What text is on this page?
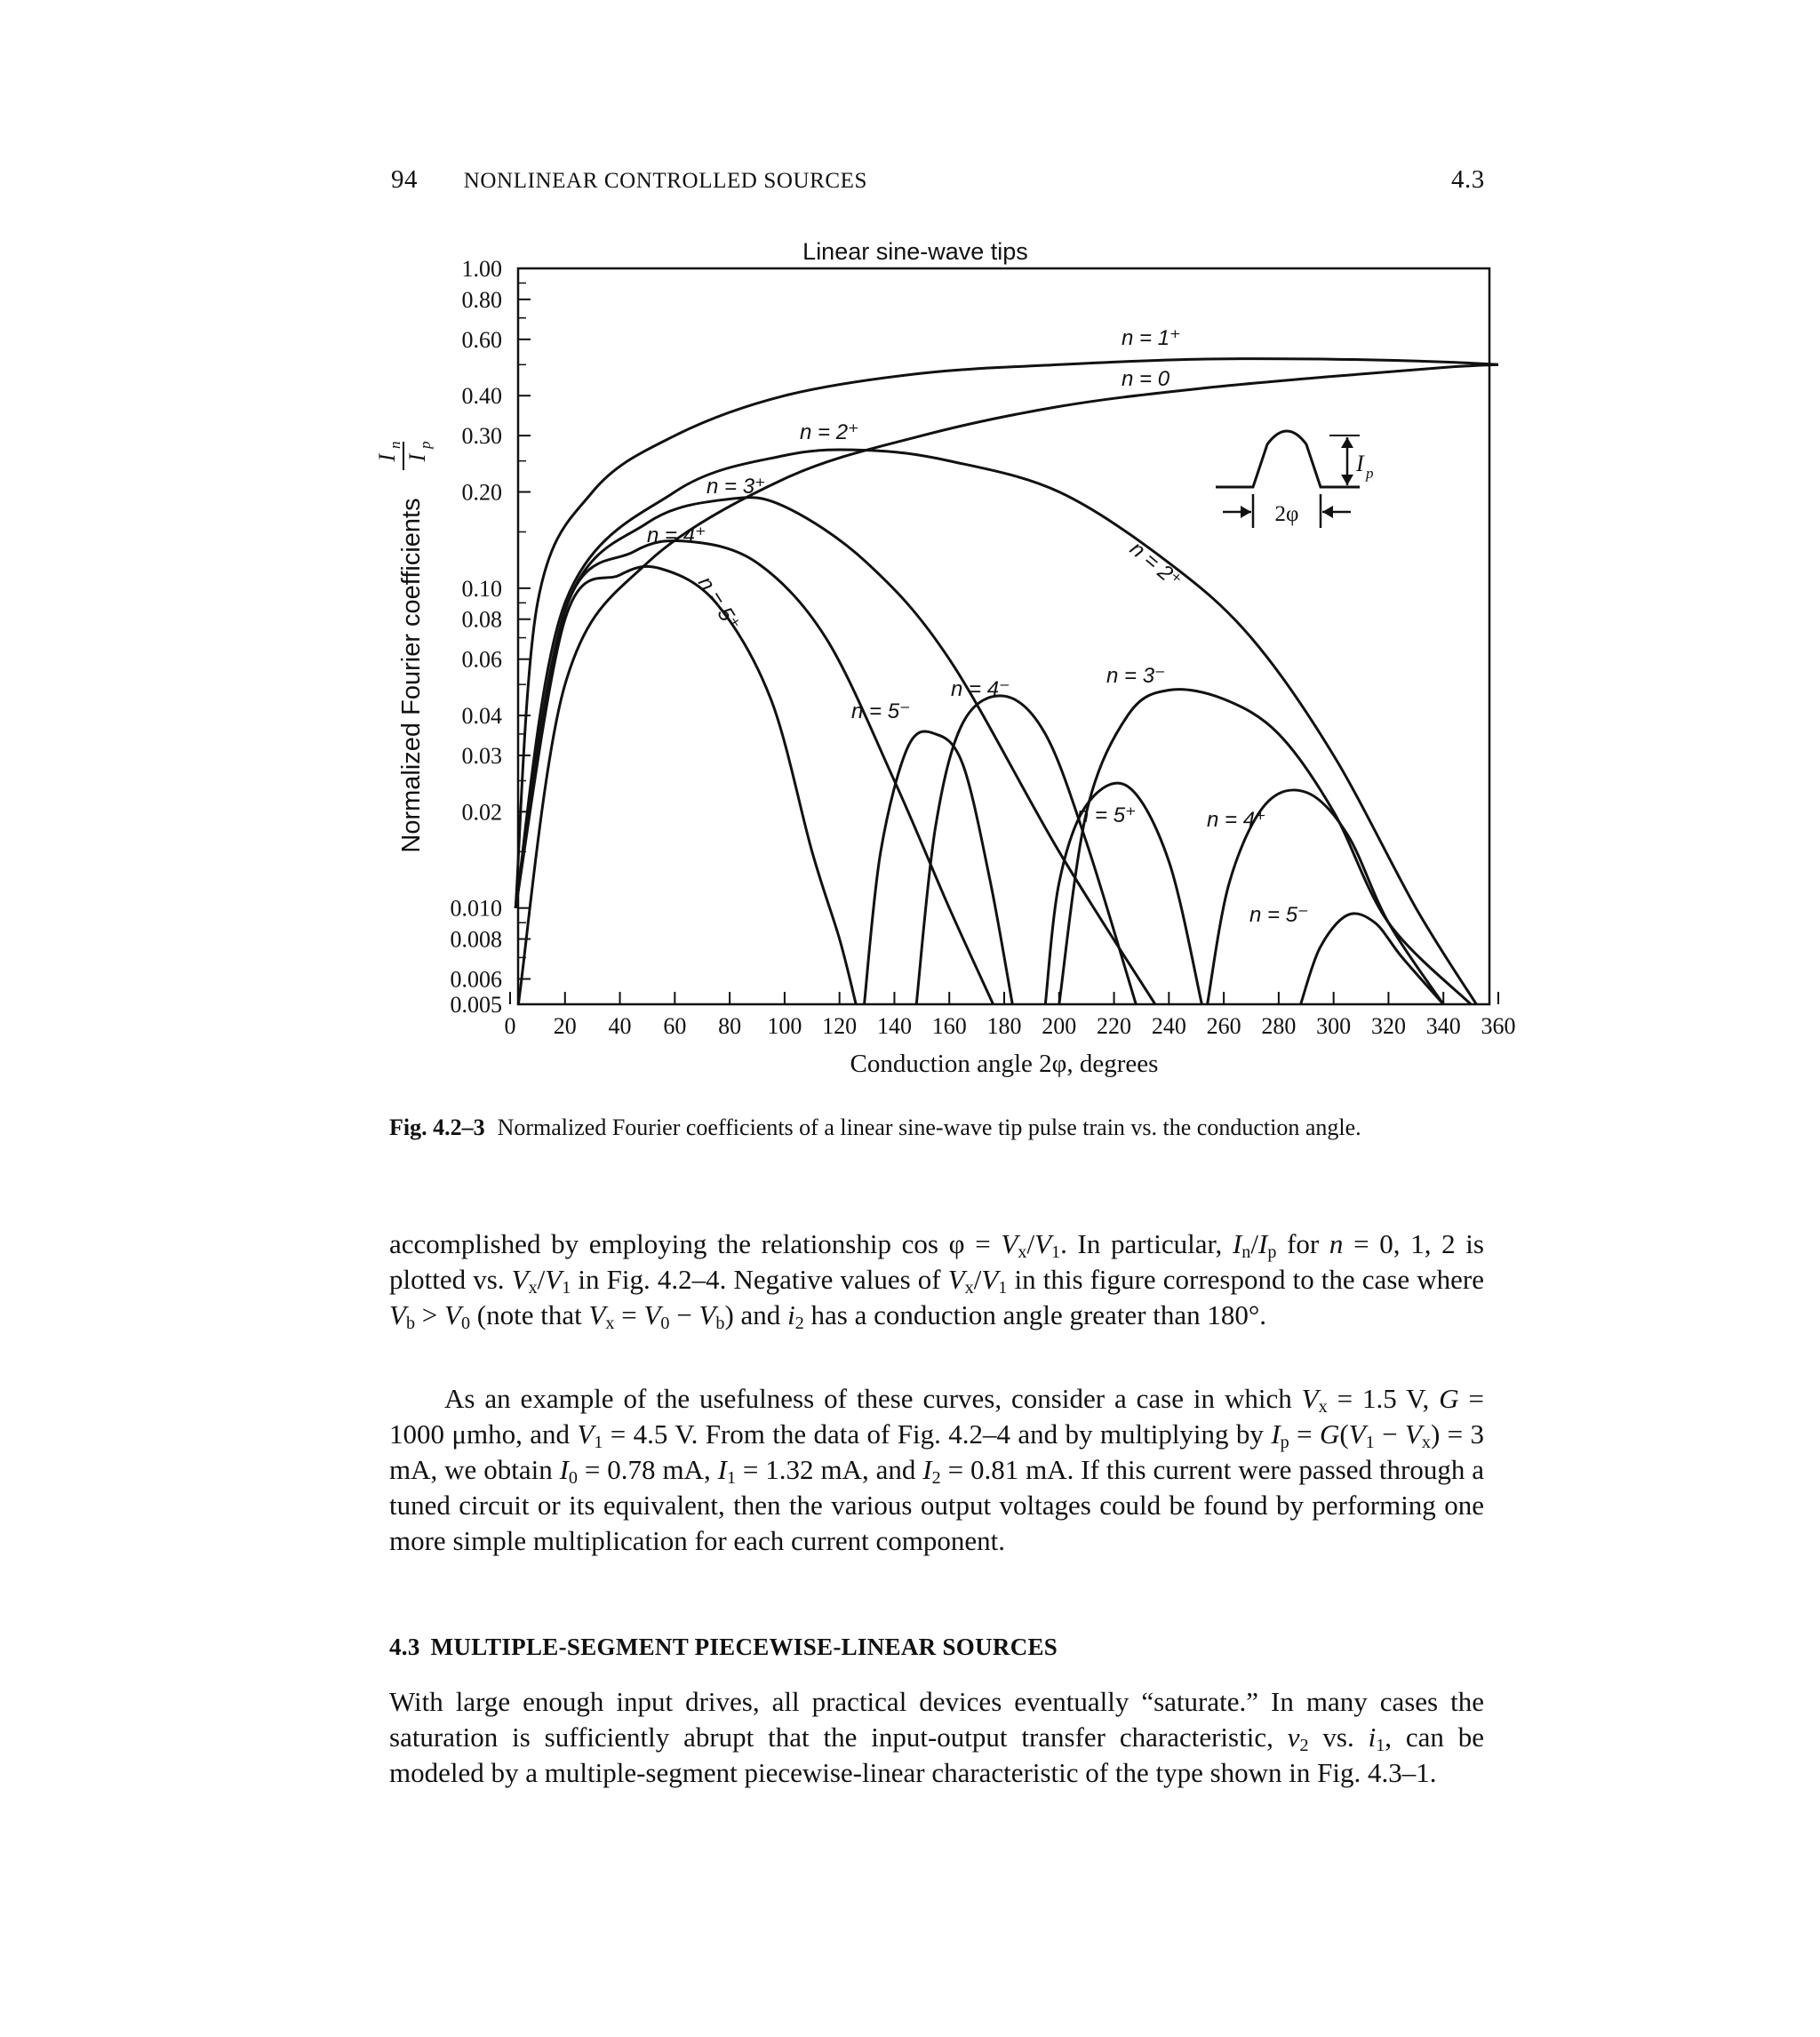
94 NONLINEAR CONTROLLED SOURCES	4.3
0 20 40 60 80 100 120 140 160 180 200 220 240 260 280 300 320 340 360
1.00
0.80
0.60
0.40
0.30
0.20
0.10
0.08
0.06
0.04
0.03
0.02
0.010
0.008
0.006
0.005
Linear sine-wave tips
Conduction angle 2φ, degrees
Normalized Fourier coefficients
I
n
I
p
n = 1⁺
n = 0
n = 2⁺
n = 3⁺
n = 4⁺
n = 5⁺
n = 5⁻
n = 4⁻
n = 3⁻
n = 5⁺	n = 4⁺
n = 5⁻
n = 2⁺
I p
2φ
Fig. 4.2–3 Normalized Fourier coefficients of a linear sine-wave tip pulse train vs. the conduction angle.
accomplished by employing the relationship $\cos \varphi = V_x/V_1$. In particular, $I_n/I_p$ for n = 0, 1, 2 is plotted vs. $V_x/V_1$ in Fig. 4.2–4. Negative values of $V_x/V_1$ in this figure correspond to the case where $V_b > V_0$ (note that $V_x = V_0 - V_b$) and $i_2$ has a conduction angle greater than 180°.
As an example of the usefulness of these curves, consider a case in which $V_x = 1.5$ V, G = 1000 μmho, and $V_1 = 4.5$ V. From the data of Fig. 4.2–4 and by multiplying by $I_p = G(V_1 - V_x) = 3$ mA, we obtain $I_0 = 0.78$ mA, $I_1 = 1.32$ mA, and $I_2 = 0.81$ mA. If this current were passed through a tuned circuit or its equivalent, then the various output voltages could be found by performing one more simple multiplication for each current component.
4.3 MULTIPLE-SEGMENT PIECEWISE-LINEAR SOURCES
With large enough input drives, all practical devices eventually “saturate.” In many cases the saturation is sufficiently abrupt that the input-output transfer characteristic, $v_2$ vs. $i_1$, can be modeled by a multiple-segment piecewise-linear characteristic of the type shown in Fig. 4.3–1.
